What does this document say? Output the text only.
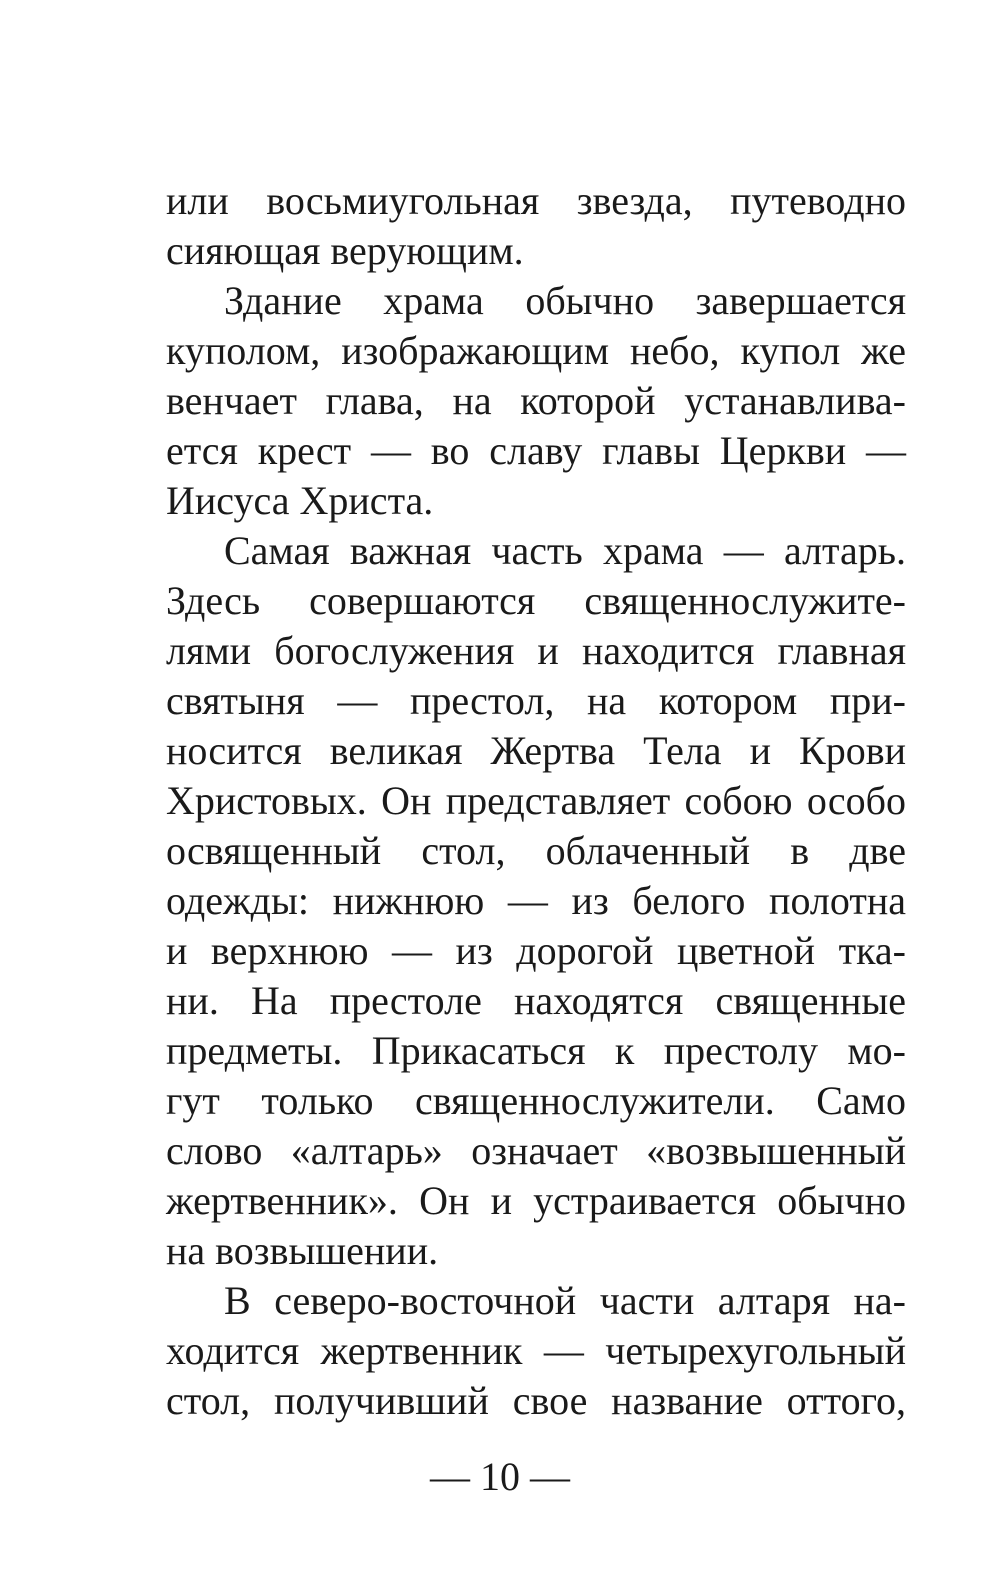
или восьмиугольная звезда, путеводно
сияющая верующим.
Здание храма обычно завершается
куполом, изображающим небо, купол же
венчает глава, на которой устанавлива-
ется крест — во славу главы Церкви —
Иисуса Христа.
Самая важная часть храма — алтарь.
Здесь совершаются священнослужите-
лями богослужения и находится главная
святыня — престол, на котором при-
носится великая Жертва Тела и Крови
Христовых. Он представляет собою особо
освященный стол, облаченный в две
одежды: нижнюю — из белого полотна
и верхнюю — из дорогой цветной тка-
ни. На престоле находятся священные
предметы. Прикасаться к престолу мо-
гут только священнослужители. Само
слово «алтарь» означает «возвышенный
жертвенник». Он и устраивается обычно
на возвышении.
В северо-восточной части алтаря на-
ходится жертвенник — четырехугольный
стол, получивший свое название оттого,
— 10 —
